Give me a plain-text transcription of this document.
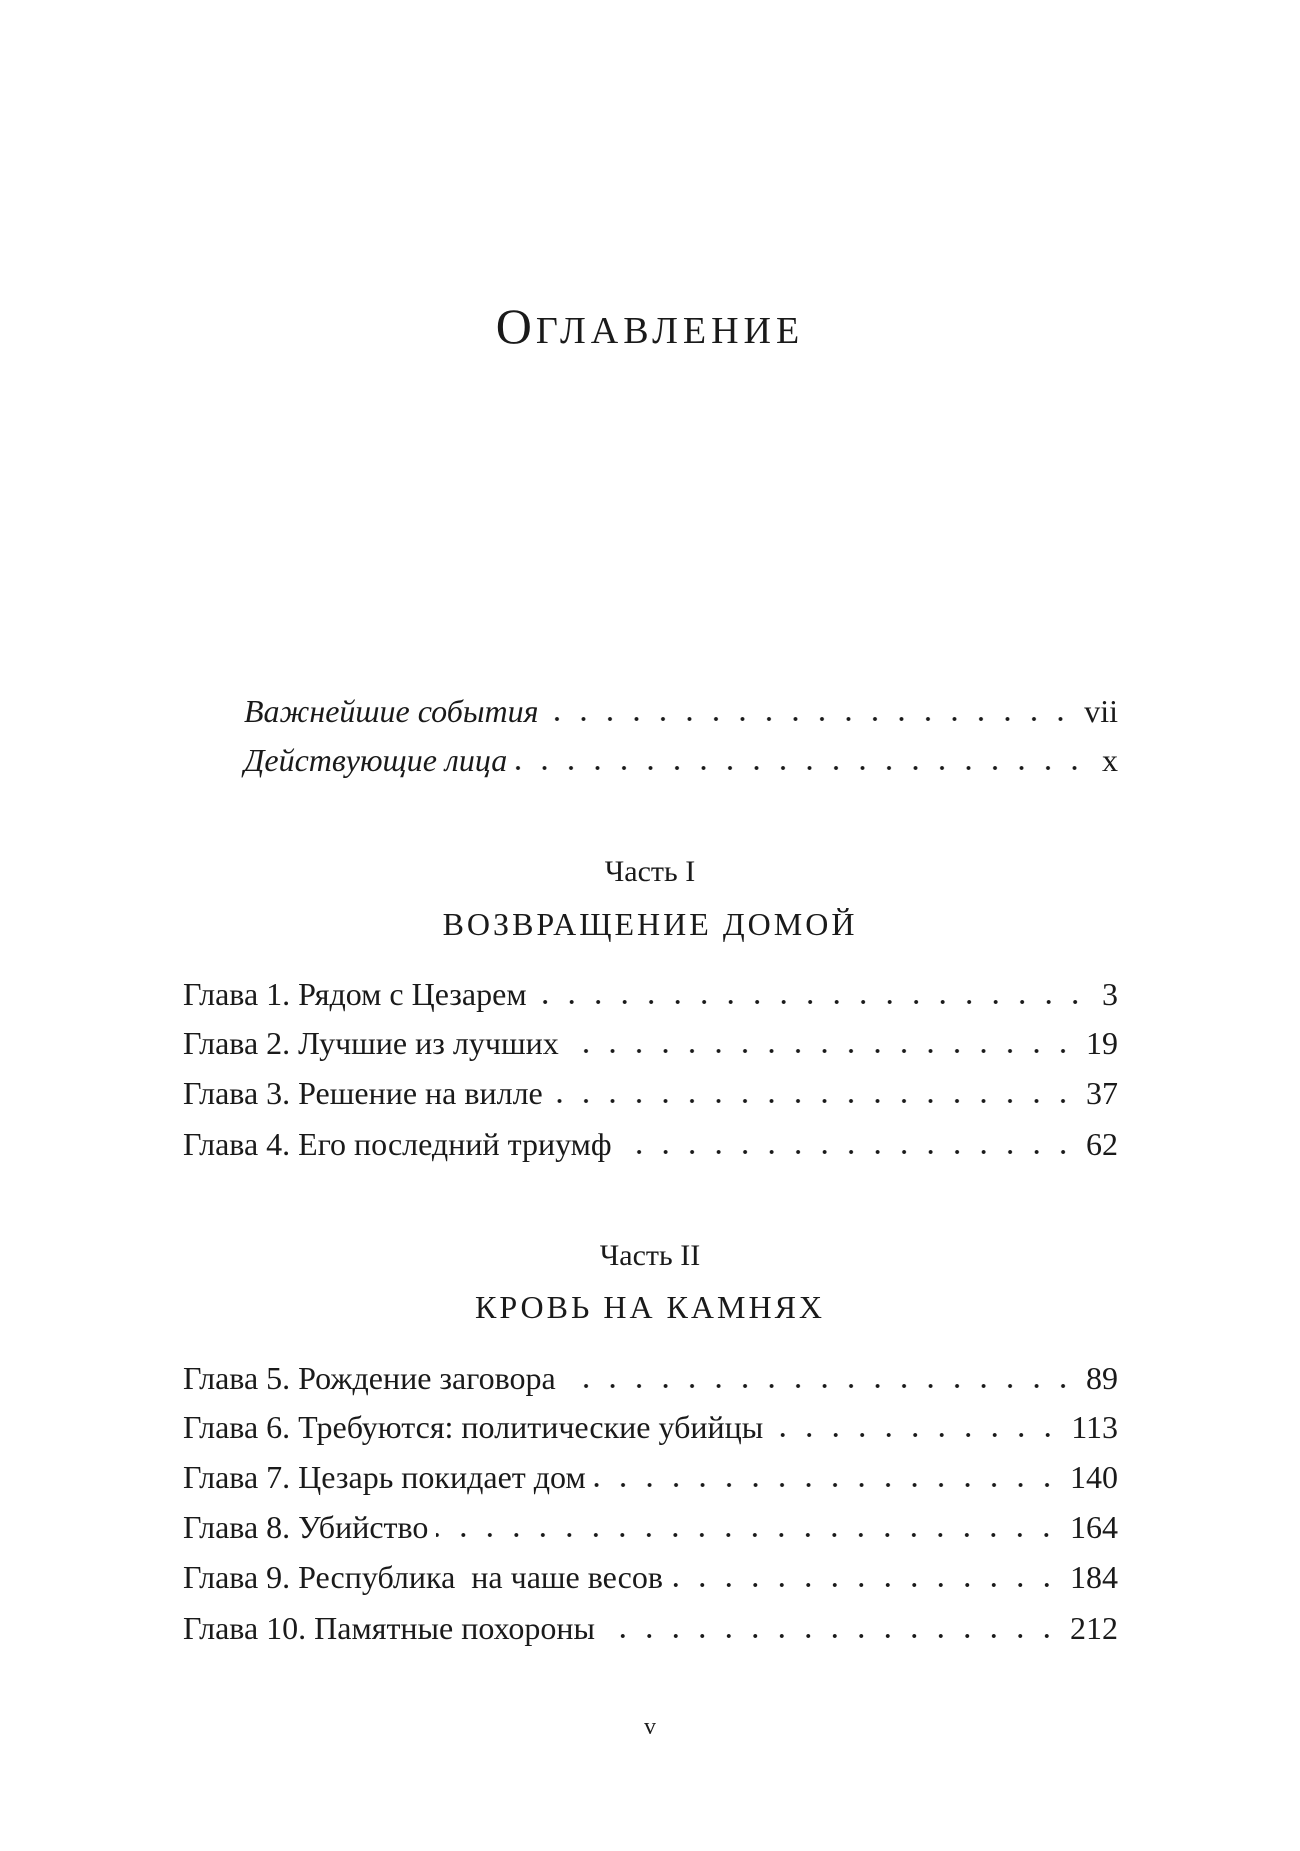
ОГЛАВЛЕНИЕ
Важнейшие события	vii
Действующие лица	x
Часть I
ВОЗВРАЩЕНИЕ ДОМОЙ
Глава 1. Рядом с Цезарем	3
Глава 2. Лучшие из лучших	19
Глава 3. Решение на вилле	37
Глава 4. Его последний триумф	62
Часть II
КРОВЬ НА КАМНЯХ
Глава 5. Рождение заговора	89
Глава 6. Требуются: политические убийцы	113
Глава 7. Цезарь покидает дом	140
Глава 8. Убийство	164
Глава 9. Республика  на чаше весов	184
Глава 10. Памятные похороны	212
v
